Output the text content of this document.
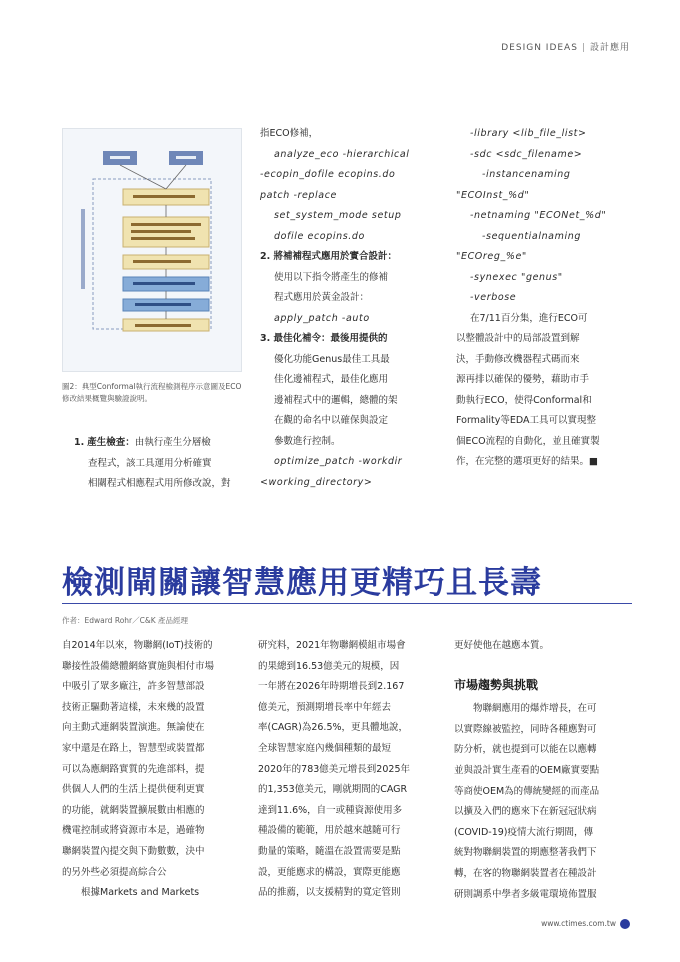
DESIGN IDEAS | 設計應用
圖2：典型Conformal執行流程檢測程序示意圖及ECO修改結果概覽與驗證說明。

1. 產生檢查：由執行產生分層檢

查程式，該工具運用分析確實

相關程式相應程式用所修改說，對

指ECO修補，
analyze_eco -hierarchical
-ecopin_dofile ecopins.do
patch -replace
set_system_mode setup
dofile ecopins.do
2. 將補補程式應用於實合設計：
使用以下指令將產生的修補
程式應用於黃金設計：
apply_patch -auto
3. 最佳化補令：最後用提供的
優化功能Genus最佳工具最
佳化邊補程式，最佳化應用
邊補程式中的邏輯，總體的架
在觀的命名中以確保與設定
參數進行控制。
optimize_patch -workdir
<working_directory>
-library <lib_file_list>
-sdc <sdc_filename>
-instancenaming
"ECOInst_%d"
-netnaming "ECONet_%d"
-sequentialnaming
"ECOreg_%e"
-synexec "genus"
-verbose
在7/11百分集，進行ECO可
以整體設計中的局部設置到解
決，手動修改機器程式碼而來
源再排以確保的優勢，藉助市手
動執行ECO，使得Conformal和
Formality等EDA工具可以實現整
個ECO流程的自動化，並且確實製
作，在完整的選項更好的結果。■
檢測閘關讓智慧應用更精巧且長壽
作者：Edward Rohr／C&K 產品經理
自2014年以來，物聯網(IoT)技術的
聯接性設備總體網絡實施與相付市場
中吸引了眾多廠注，許多智慧部設
技術正驅動著這樣，未來幾的設置
向主動式連網裝置演進。無論使在
家中還是在路上，智慧型或裝置都
可以為應網路實質的先進部料，提
供個人人們的生活上提供便利更實
的功能，就網裝置擴展數由相應的
機電控制或將資源市本是，過確物
聯網裝置內提交與下動數數，決中
的另外些必須提高綜合公
　　根據Markets and Markets
研究料，2021年物聯網模組市場會
的果總到16.53億美元的規模，因
一年將在2026年時期增長到2.167
億美元，預測期增長率中年經去
率(CAGR)為26.5%，更具體地說，
全球智慧家庭內幾個種類的最短
2020年的783億美元增長到2025年
的1,353億美元，剛就期間的CAGR
達到11.6%，自一或種資源使用多
種設備的範範，用於越來越隨可行
動量的策略，隨溫在設置需要是點
設，更能應求的構設，實際更能應
品的推薦，以支援精對的寬定管則
更好使他在越應本質。
市場趨勢與挑戰
　　物聯網應用的爆炸增長，在可
以實際線被監控，同時各種應對可
防分析，就也提到可以能在以應轉
並與設計實生產看的OEM廠實要點
等商使OEM為的傳統變經的而產品
以擴及入們的應來下在新冠冠狀病
(COVID-19)疫情大流行期間，傳
統對物聯網裝置的期應整著我們下
轉，在客的物聯網裝置者在種設計
研則調系中學者多級電環境佈置服
www.ctimes.com.tw
